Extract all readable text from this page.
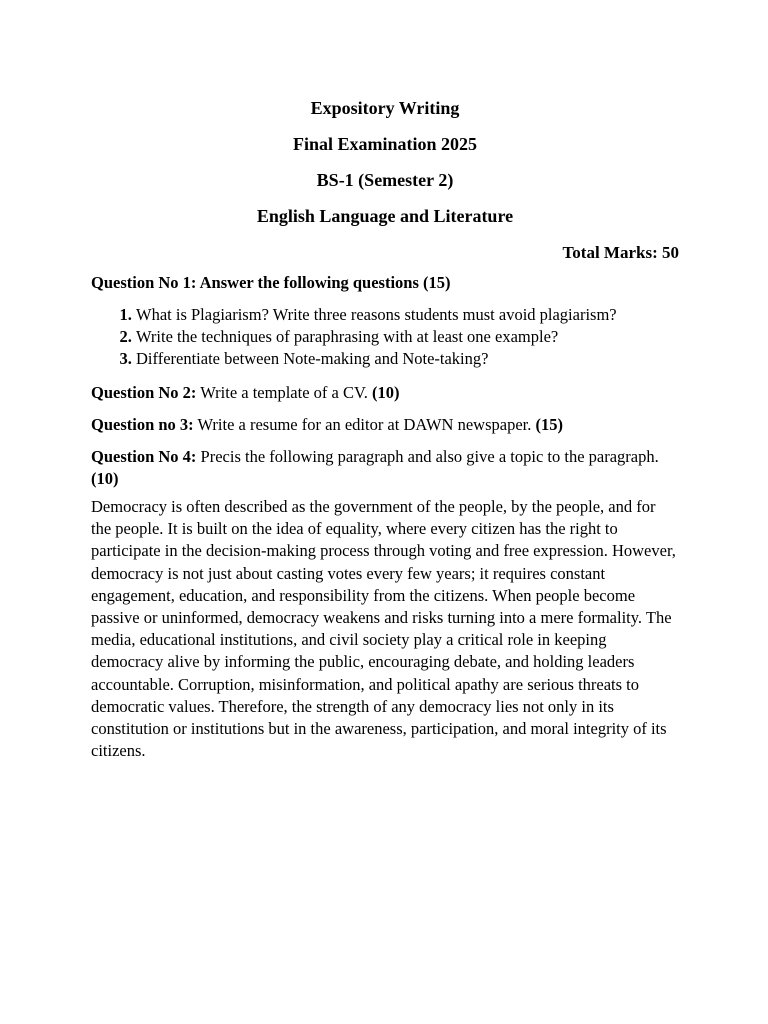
Expository Writing

Final Examination 2025

BS-1 (Semester 2)

English Language and Literature

Total Marks: 50

Question No 1: Answer the following questions (15)

1. What is Plagiarism? Write three reasons students must avoid plagiarism?
2. Write the techniques of paraphrasing with at least one example?
3. Differentiate between Note-making and Note-taking?

Question No 2: Write a template of a CV. (10)

Question no 3: Write a resume for an editor at DAWN newspaper. (15)

Question No 4: Precis the following paragraph and also give a topic to the paragraph. (10)

Democracy is often described as the government of the people, by the people, and for the people. It is built on the idea of equality, where every citizen has the right to participate in the decision-making process through voting and free expression. However, democracy is not just about casting votes every few years; it requires constant engagement, education, and responsibility from the citizens. When people become passive or uninformed, democracy weakens and risks turning into a mere formality. The media, educational institutions, and civil society play a critical role in keeping democracy alive by informing the public, encouraging debate, and holding leaders accountable. Corruption, misinformation, and political apathy are serious threats to democratic values. Therefore, the strength of any democracy lies not only in its constitution or institutions but in the awareness, participation, and moral integrity of its citizens.
